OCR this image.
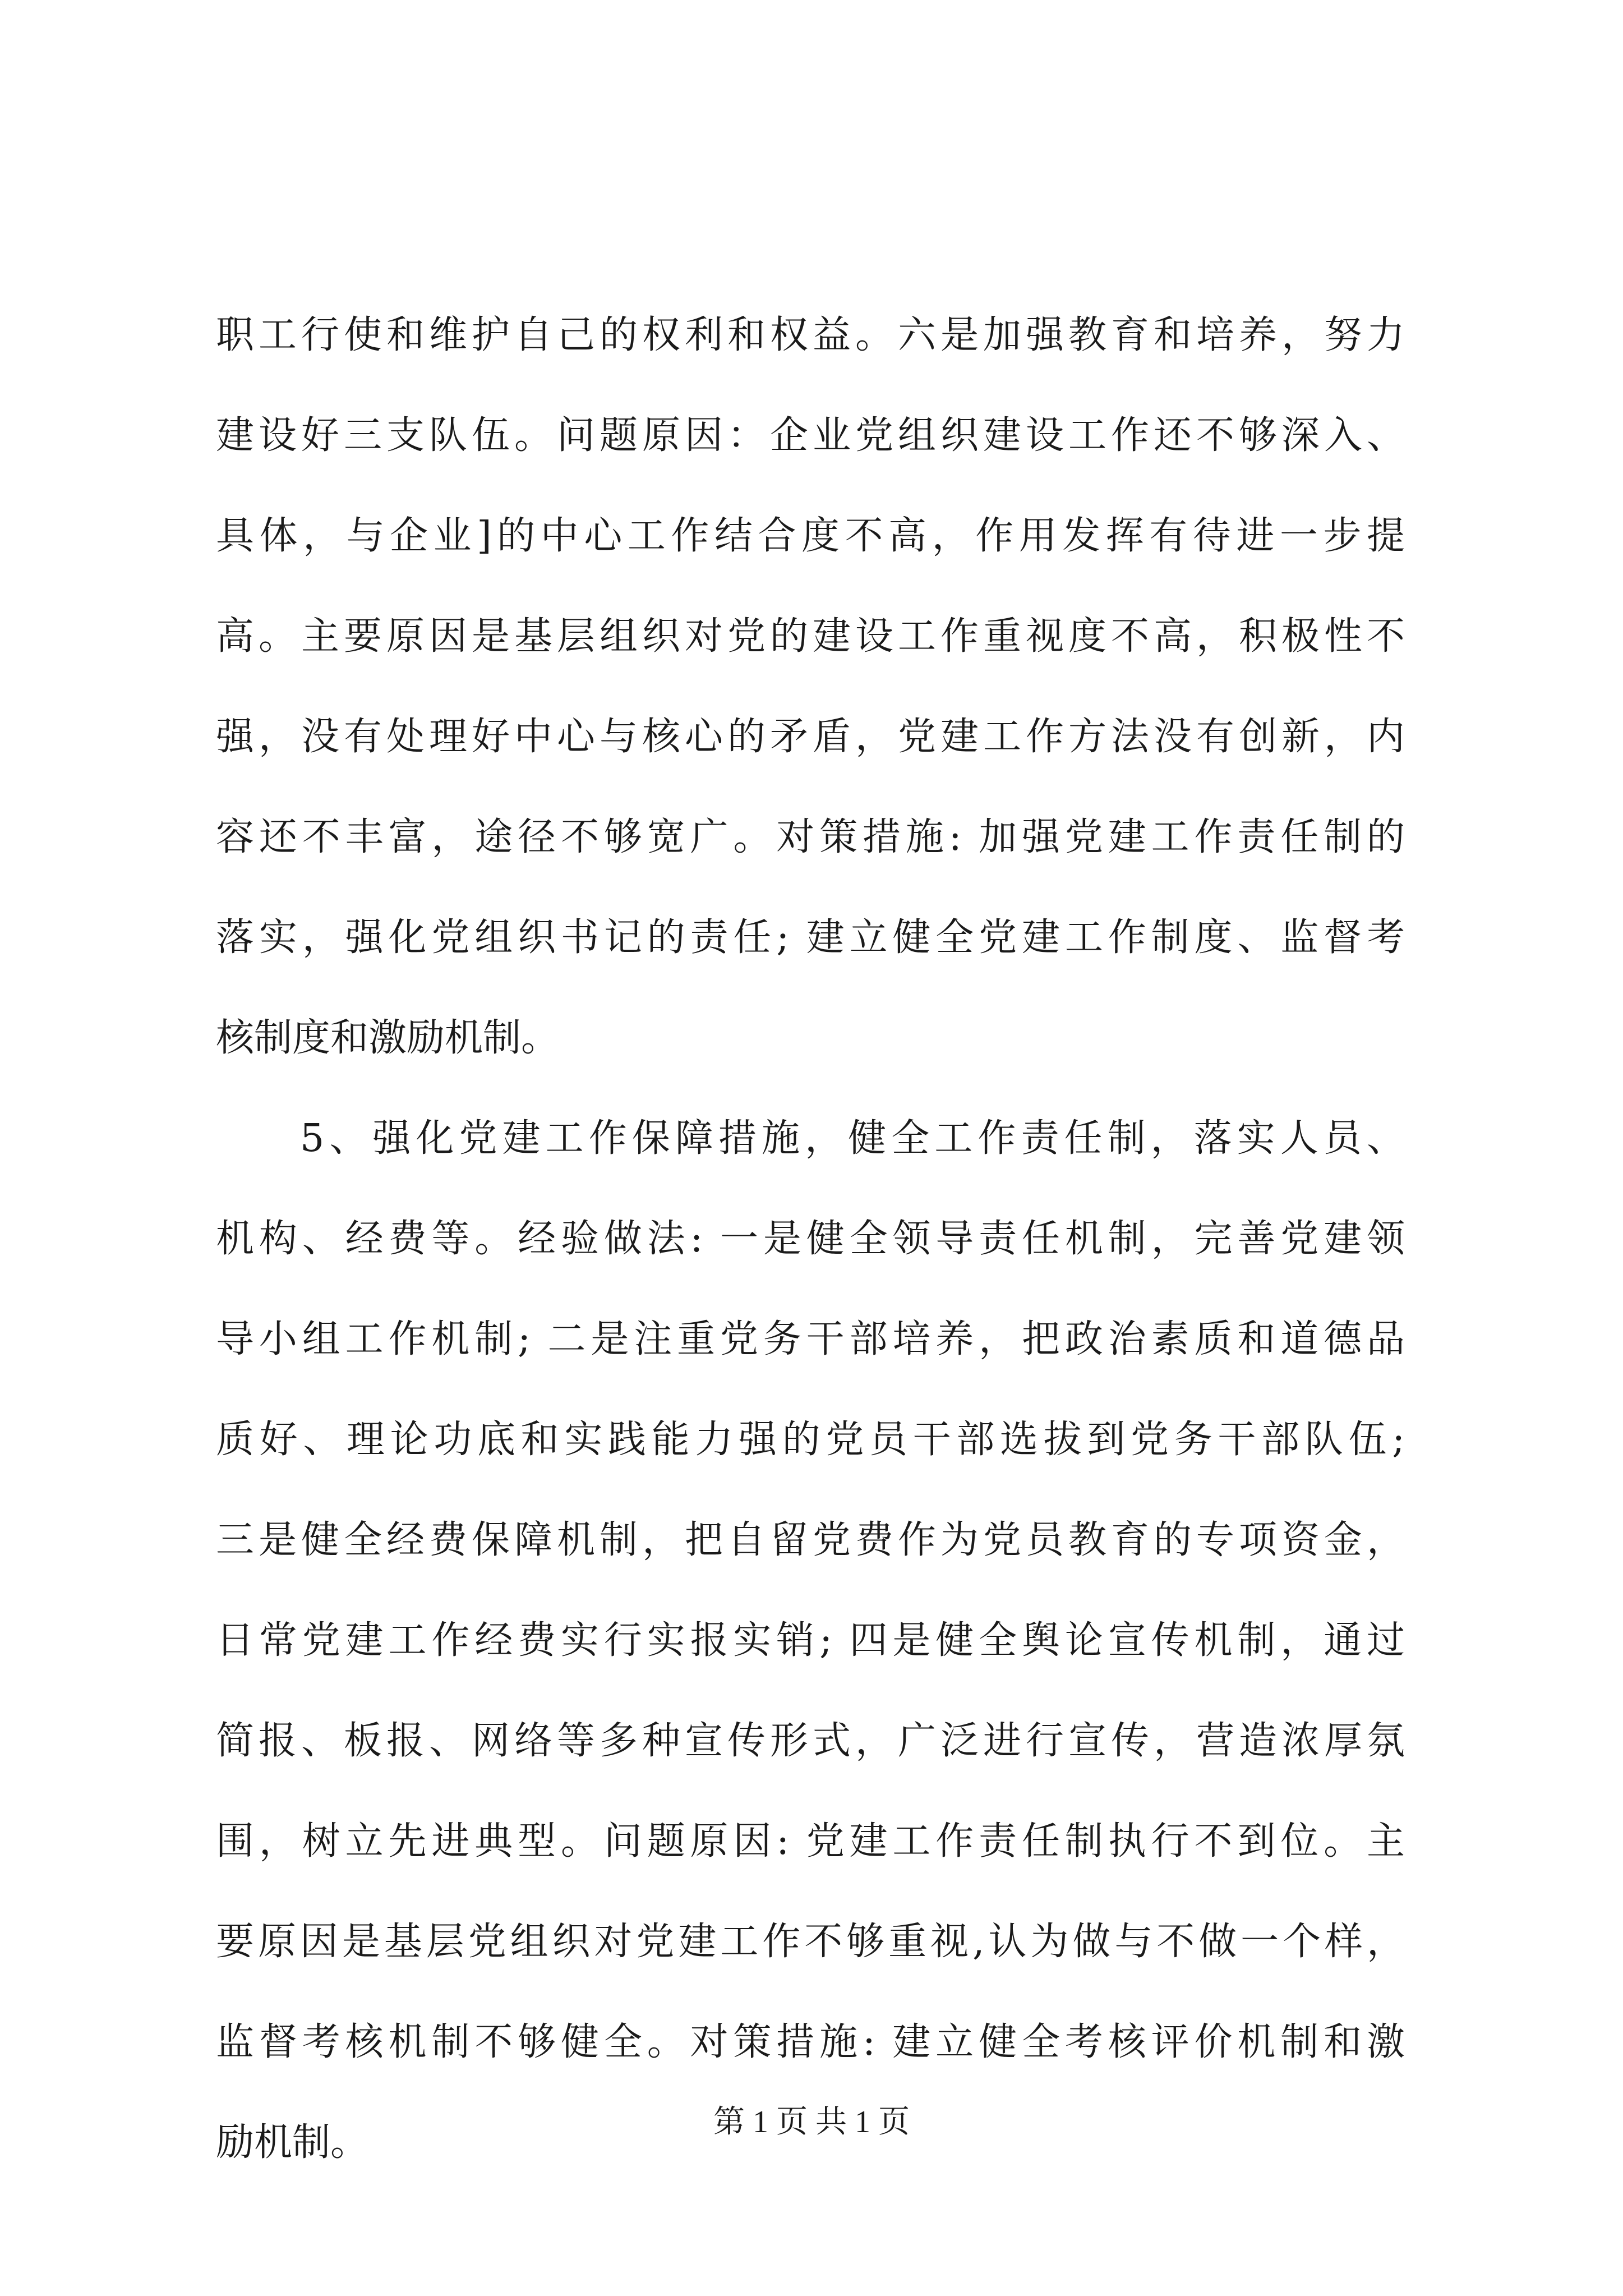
职工行使和维护自己的权利和权益。六是加强教育和培养，努力
建设好三支队伍。问题原因：企业党组织建设工作还不够深入、
具体，与企业]的中心工作结合度不高，作用发挥有待进一步提
高。主要原因是基层组织对党的建设工作重视度不高，积极性不
强，没有处理好中心与核心的矛盾，党建工作方法没有创新，内
容还不丰富，途径不够宽广。对策措施: 加强党建工作责任制的
落实，强化党组织书记的责任; 建立健全党建工作制度、监督考
核制度和激励机制。
5、强化党建工作保障措施，健全工作责任制，落实人员、
机构、经费等。经验做法: 一是健全领导责任机制，完善党建领
导小组工作机制; 二是注重党务干部培养，把政治素质和道德品
质好、理论功底和实践能力强的党员干部选拔到党务干部队伍;
三是健全经费保障机制，把自留党费作为党员教育的专项资金，
日常党建工作经费实行实报实销; 四是健全舆论宣传机制，通过
简报、板报、网络等多种宣传形式，广泛进行宣传，营造浓厚氛
围，树立先进典型。问题原因: 党建工作责任制执行不到位。主
要原因是基层党组织对党建工作不够重视,认为做与不做一个样，
监督考核机制不够健全。对策措施: 建立健全考核评价机制和激
励机制。	第 1 页 共 1 页
